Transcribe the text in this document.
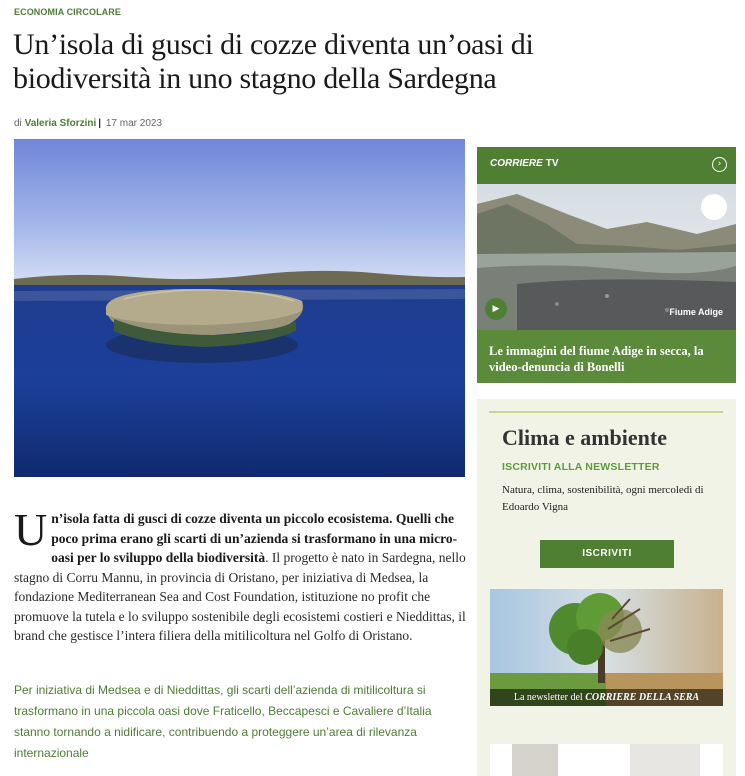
ECONOMIA CIRCOLARE
Un’isola di gusci di cozze diventa un’oasi di biodiversità in uno stagno della Sardegna
di Valeria Sforzini | 17 mar 2023
Un’isola fatta di gusci di cozze diventa un piccolo ecosistema. Quelli che poco prima erano gli scarti di un’azienda si trasformano in una micro-oasi per lo sviluppo della biodiversità. Il progetto è nato in Sardegna, nello stagno di Corru Mannu, in provincia di Oristano, per iniziativa di Medsea, la fondazione Mediterranean Sea and Cost Foundation, istituzione no profit che promuove la tutela e lo sviluppo sostenibile degli ecosistemi costieri e Nieddittas, il brand che gestisce l’intera filiera della mitilicoltura nel Golfo di Oristano.
Per iniziativa di Medsea e di Nieddittas, gli scarti dell’azienda di mitilicoltura si trasformano in una piccola oasi dove Fraticello, Beccapesci e Cavaliere d’Italia stanno tornando a nidificare, contribuendo a proteggere un’area di rilevanza internazionale
CORRIERE TV	›
▶	Fiume Adige
Le immagini del fiume Adige in secca, la video-denuncia di Bonelli
Clima e ambiente
ISCRIVITI ALLA NEWSLETTER
Natura, clima, sostenibilità, ogni mercoledì di Edoardo Vigna
ISCRIVITI
La newsletter del CORRIERE DELLA SERA
